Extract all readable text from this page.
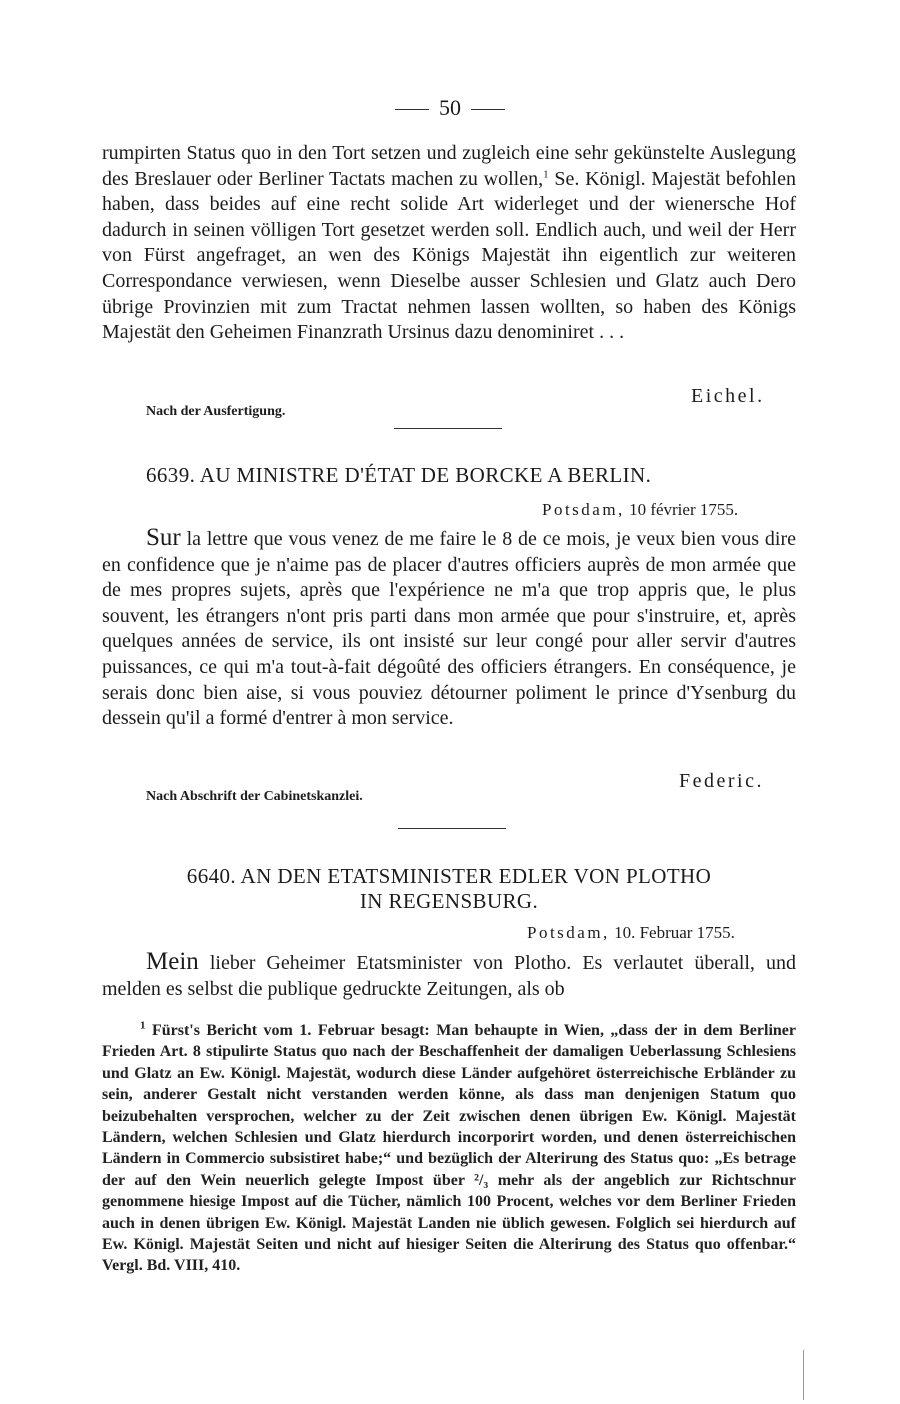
50

rumpirten Status quo in den Tort setzen und zugleich eine sehr gekünstelte Auslegung des Breslauer oder Berliner Tactats machen zu wollen,$^1$ Se. Königl. Majestät befohlen haben, dass beides auf eine recht solide Art widerleget und der wienersche Hof dadurch in seinen völligen Tort gesetzet werden soll. Endlich auch, und weil der Herr von Fürst angefraget, an wen des Königs Majestät ihn eigentlich zur weiteren Correspondance verwiesen, wenn Dieselbe ausser Schlesien und Glatz auch Dero übrige Provinzien mit zum Tractat nehmen lassen wollten, so haben des Königs Majestät den Geheimen Finanzrath Ursinus dazu denominiret . . .

Eichel.
Nach der Ausfertigung.
6639. AU MINISTRE D'ÉTAT DE BORCKE A BERLIN.
Potsdam, 10 février 1755.

Sur la lettre que vous venez de me faire le 8 de ce mois, je veux bien vous dire en confidence que je n'aime pas de placer d'autres officiers auprès de mon armée que de mes propres sujets, après que l'expérience ne m'a que trop appris que, le plus souvent, les étrangers n'ont pris parti dans mon armée que pour s'instruire, et, après quelques années de service, ils ont insisté sur leur congé pour aller servir d'autres puissances, ce qui m'a tout-à-fait dégoûté des officiers étrangers. En conséquence, je serais donc bien aise, si vous pouviez détourner poliment le prince d'Ysenburg du dessein qu'il a formé d'entrer à mon service.

Federic.
Nach Abschrift der Cabinetskanzlei.
6640. AN DEN ETATSMINISTER EDLER VON PLOTHO
IN REGENSBURG.
Potsdam, 10. Februar 1755.

Mein lieber Geheimer Etatsminister von Plotho. Es verlautet überall, und melden es selbst die publique gedruckte Zeitungen, als ob

$^1$ Fürst's Bericht vom 1. Februar besagt: Man behaupte in Wien, „dass der in dem Berliner Frieden Art. 8 stipulirte Status quo nach der Beschaffenheit der damaligen Ueberlassung Schlesiens und Glatz an Ew. Königl. Majestät, wodurch diese Länder aufgehöret österreichische Erbländer zu sein, anderer Gestalt nicht verstanden werden könne, als dass man denjenigen Statum quo beizubehalten versprochen, welcher zu der Zeit zwischen denen übrigen Ew. Königl. Majestät Ländern, welchen Schlesien und Glatz hierdurch incorporirt worden, und denen österreichischen Ländern in Commercio subsistiret habe;“ und bezüglich der Alterirung des Status quo: „Es betrage der auf den Wein neuerlich gelegte Impost über ²/₃ mehr als der angeblich zur Richtschnur genommene hiesige Impost auf die Tücher, nämlich 100 Procent, welches vor dem Berliner Frieden auch in denen übrigen Ew. Königl. Majestät Landen nie üblich gewesen. Folglich sei hierdurch auf Ew. Königl. Majestät Seiten und nicht auf hiesiger Seiten die Alterirung des Status quo offenbar.“ Vergl. Bd. VIII, 410.
